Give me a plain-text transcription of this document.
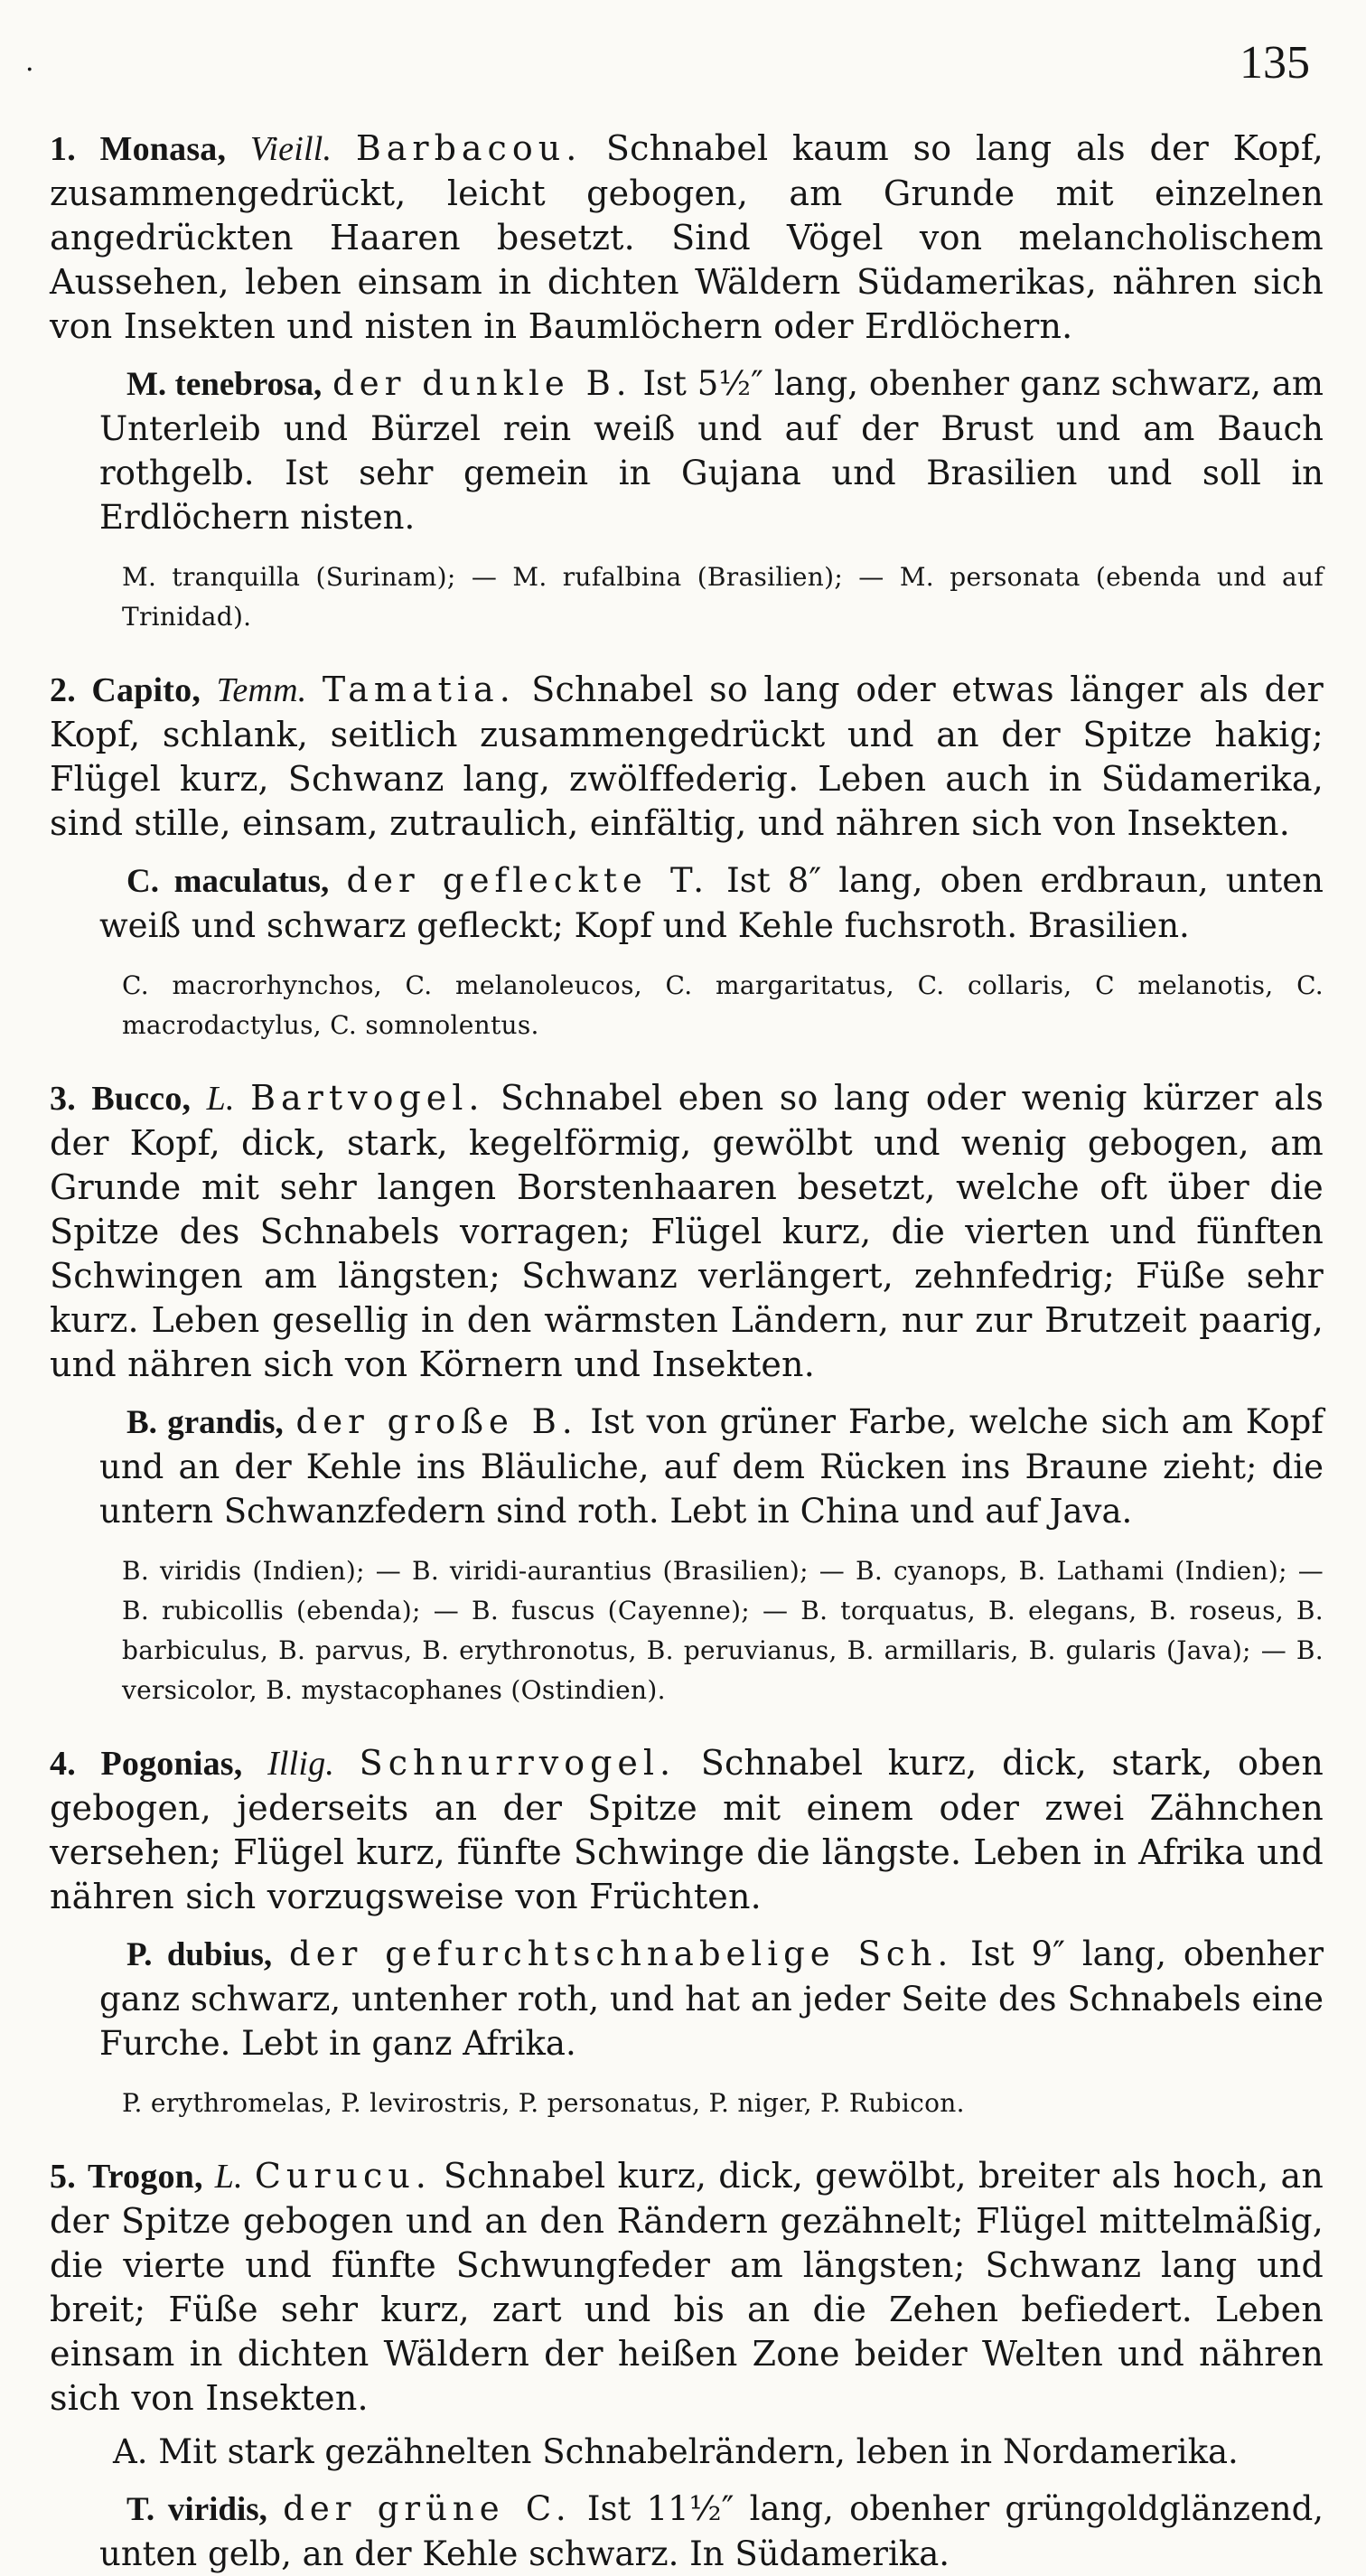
·	135

1. Monasa, Vieill. Barbacou. Schnabel kaum so lang als der Kopf, zusammengedrückt, leicht gebogen, am Grunde mit einzelnen angedrückten Haaren besetzt. Sind Vögel von melancholischem Aussehen, leben einsam in dichten Wäldern Südamerikas, nähren sich von Insekten und nisten in Baumlöchern oder Erdlöchern.

M. tenebrosa, der dunkle B. Ist 5½″ lang, obenher ganz schwarz, am Unterleib und Bürzel rein weiß und auf der Brust und am Bauch rothgelb. Ist sehr gemein in Gujana und Brasilien und soll in Erdlöchern nisten.

M. tranquilla (Surinam); — M. rufalbina (Brasilien); — M. personata (ebenda und auf Trinidad).

2. Capito, Temm. Tamatia. Schnabel so lang oder etwas länger als der Kopf, schlank, seitlich zusammengedrückt und an der Spitze hakig; Flügel kurz, Schwanz lang, zwölffederig. Leben auch in Südamerika, sind stille, einsam, zutraulich, einfältig, und nähren sich von Insekten.

C. maculatus, der gefleckte T. Ist 8″ lang, oben erdbraun, unten weiß und schwarz gefleckt; Kopf und Kehle fuchsroth. Brasilien.

C. macrorhynchos, C. melanoleucos, C. margaritatus, C. collaris, C melanotis, C. macrodactylus, C. somnolentus.

3. Bucco, L. Bartvogel. Schnabel eben so lang oder wenig kürzer als der Kopf, dick, stark, kegelförmig, gewölbt und wenig gebogen, am Grunde mit sehr langen Borstenhaaren besetzt, welche oft über die Spitze des Schnabels vorragen; Flügel kurz, die vierten und fünften Schwingen am längsten; Schwanz verlängert, zehnfedrig; Füße sehr kurz. Leben gesellig in den wärmsten Ländern, nur zur Brutzeit paarig, und nähren sich von Körnern und Insekten.

B. grandis, der große B. Ist von grüner Farbe, welche sich am Kopf und an der Kehle ins Bläuliche, auf dem Rücken ins Braune zieht; die untern Schwanzfedern sind roth. Lebt in China und auf Java.

B. viridis (Indien); — B. viridi-aurantius (Brasilien); — B. cyanops, B. Lathami (Indien); — B. rubicollis (ebenda); — B. fuscus (Cayenne); — B. torquatus, B. elegans, B. roseus, B. barbiculus, B. parvus, B. erythronotus, B. peruvianus, B. armillaris, B. gularis (Java); — B. versicolor, B. mystacophanes (Ostindien).

4. Pogonias, Illig. Schnurrvogel. Schnabel kurz, dick, stark, oben gebogen, jederseits an der Spitze mit einem oder zwei Zähnchen versehen; Flügel kurz, fünfte Schwinge die längste. Leben in Afrika und nähren sich vorzugsweise von Früchten.

P. dubius, der gefurchtschnabelige Sch. Ist 9″ lang, obenher ganz schwarz, untenher roth, und hat an jeder Seite des Schnabels eine Furche. Lebt in ganz Afrika.

P. erythromelas, P. levirostris, P. personatus, P. niger, P. Rubicon.

5. Trogon, L. Curucu. Schnabel kurz, dick, gewölbt, breiter als hoch, an der Spitze gebogen und an den Rändern gezähnelt; Flügel mittelmäßig, die vierte und fünfte Schwungfeder am längsten; Schwanz lang und breit; Füße sehr kurz, zart und bis an die Zehen befiedert. Leben einsam in dichten Wäldern der heißen Zone beider Welten und nähren sich von Insekten.

A. Mit stark gezähnelten Schnabelrändern, leben in Nordamerika.

T. viridis, der grüne C. Ist 11½″ lang, obenher grüngoldglänzend, unten gelb, an der Kehle schwarz. In Südamerika.
